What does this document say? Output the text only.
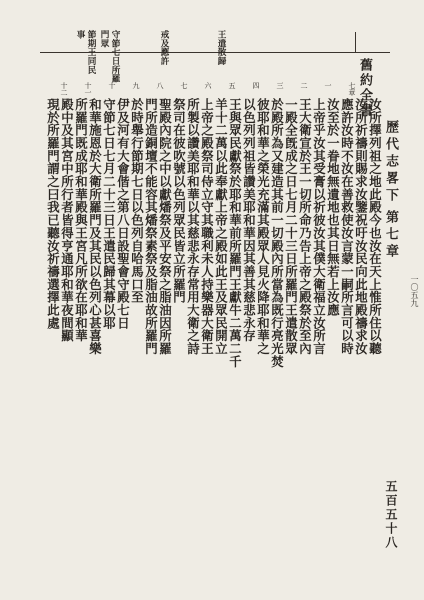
舊約全書
歷代志畧下
第七章
一〇五九
五百五十八
十二 十一 十 九 八 七 六 五 四 三 二 一 七章
汝所擇列祖之地此殿今也汝在天上惟所住以聽
汝所祈禱則賜求汝鑒祝吁汝民向此地殿禱求汝
應許汝時不汝在善救使汝言蒙一嗣所言可以時
汝至於一眷地無遺地也其日無若上汝應
上帝乎汝其受膏以祈彼汝其僕大衛福立汝所言
王大衛宣於王一切所命乃告上帝之殿祭於至內
一殿全旣成之日七月二十三日所羅門王遣散眾
於殿所為又建造其前一切殿內所當為既行亮光焚
彼耶和華之榮光充滿其殿眾人見火降耶和華之
以色列列祖皆讚美耶和華因其善其慈悲永存
王與眾民獻祭於耶和華前所羅門王獻牛二萬二千
羊十二萬以此奉獻上帝之殿如此王及眾民開立
上帝之殿祭司侍立守其職利未人持樂器大衛王
所製以讚美耶和華以其慈悲永存常用大衛之詩
祭司在彼吹號以色列眾民皆立所羅門
聖殿內院之中以獻燔祭及平安祭之脂油因所羅
門所造銅壇不能容其燔祭素祭及脂油故所羅門
於時舉行節期七日以色列自哈馬口至
伊及河有大會偕之第八日設聖會守殿七日
守節七日七月二十三日王遣民歸其幕以耶
和華施恩於大衛所羅門及其民以色列心甚喜樂
所羅門既成耶和華殿與王宮凡所欲在耶和華
殿中及其宮中所行者皆得亨通耶和華夜間顯
現於所羅門謂之曰我已聽汝祈禱選擇此處
守節七日所羅門眾
節期王同民事	戒及應許	王遣散歸
